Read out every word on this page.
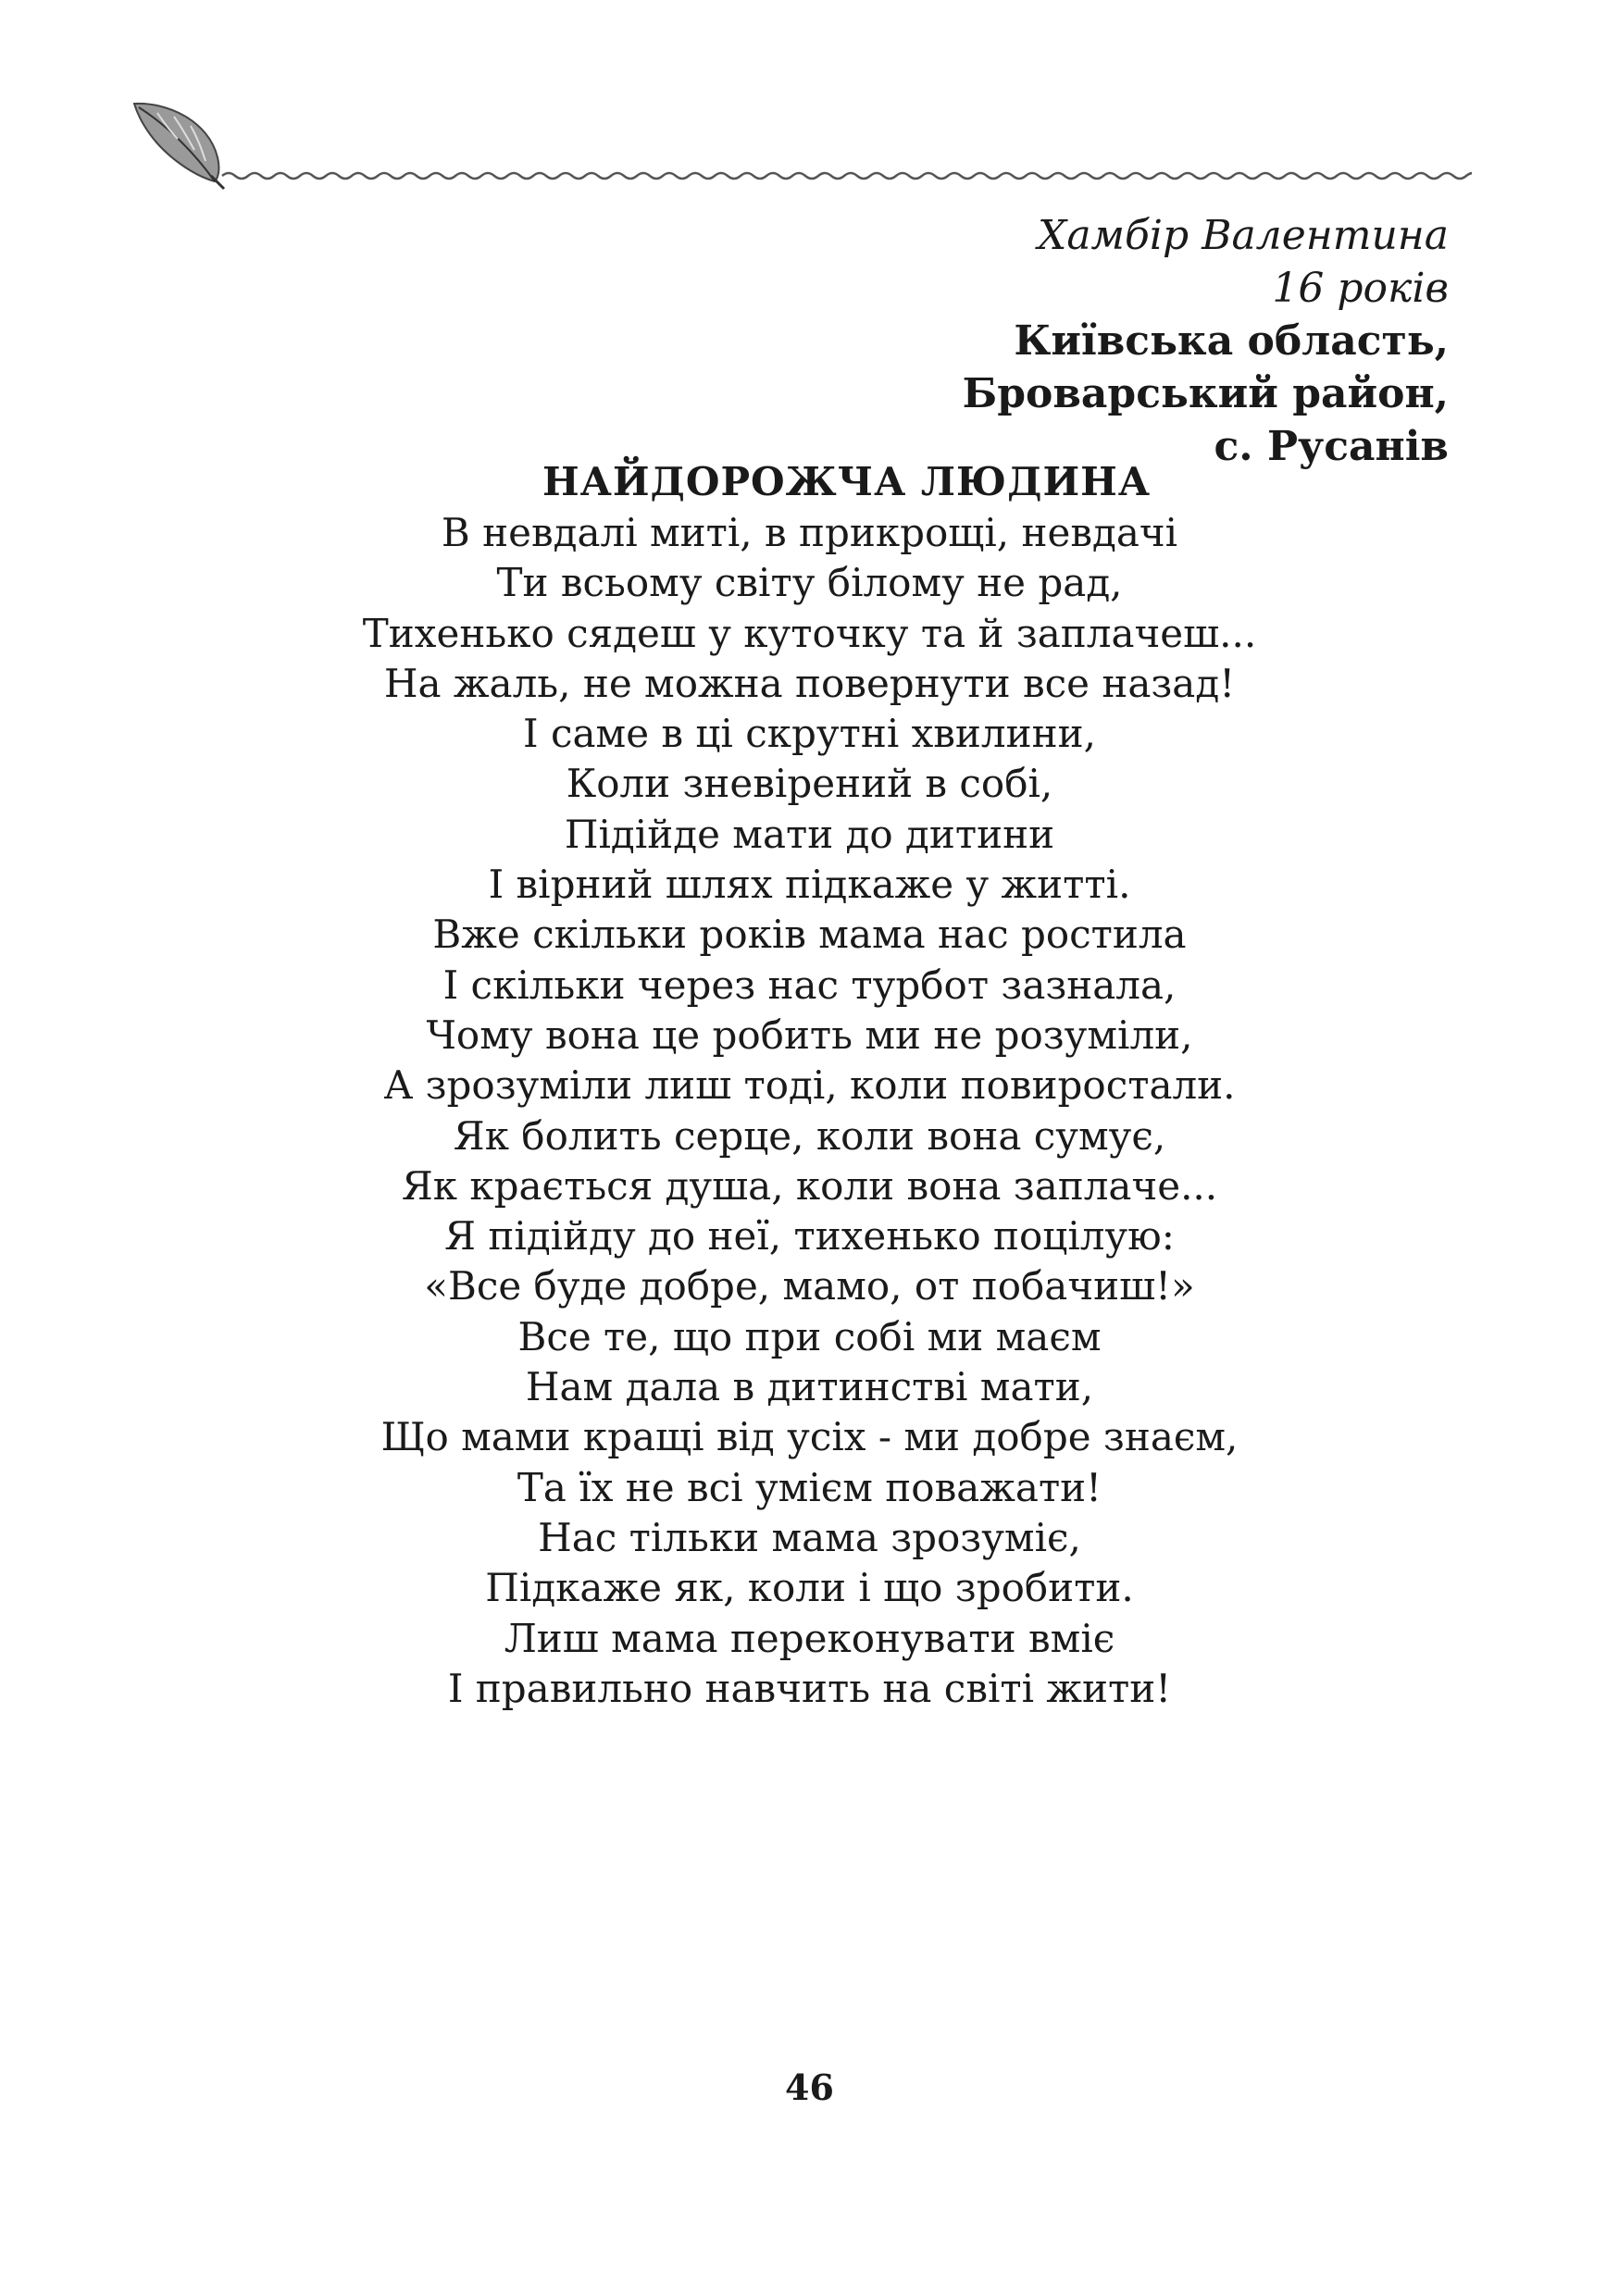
Хамбір Валентина
16 років
Київська область,
Броварський район,
с. Русанів
НАЙДОРОЖЧА ЛЮДИНА
В невдалі миті, в прикрощі, невдачі
Ти всьому світу білому не рад,
Тихенько сядеш у куточку та й заплачеш...
На жаль, не можна повернути все назад!
І саме в ці скрутні хвилини,
Коли зневірений в собі,
Підійде мати до дитини
І вірний шлях підкаже у житті.
Вже скільки років мама нас ростила
І скільки через нас турбот зазнала,
Чому вона це робить ми не розуміли,
А зрозуміли лиш тоді, коли повиростали.
Як болить серце, коли вона сумує,
Як крається душа, коли вона заплаче...
Я підійду до неї, тихенько поцілую:
«Все буде добре, мамо, от побачиш!»
Все те, що при собі ми маєм
Нам дала в дитинстві мати,
Що мами кращі від усіх - ми добре знаєм,
Та їх не всі умієм поважати!
Нас тільки мама зрозуміє,
Підкаже як, коли і що зробити.
Лиш мама переконувати вміє
І правильно навчить на світі жити!
46
